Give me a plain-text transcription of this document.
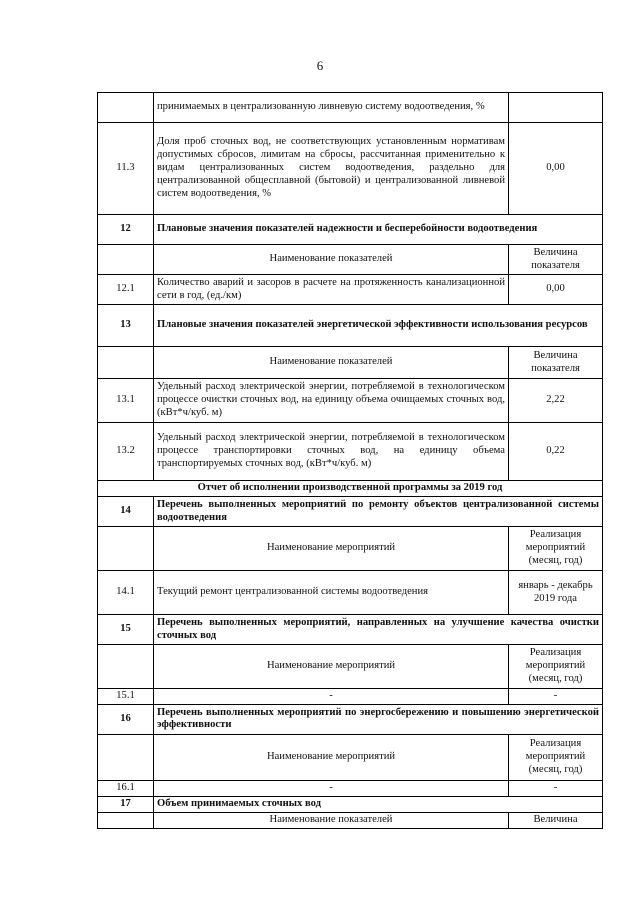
6
	принимаемых в централизованную ливневую систему водоотведения, %	
11.3	Доля проб сточных вод, не соответствующих установленным нормативам допустимых сбросов, лимитам на сбросы, рассчитанная применительно к видам централизованных систем водоотведения, раздельно для централизованной общесплавной (бытовой) и централизованной ливневой систем водоотведения, %	0,00
12	Плановые значения показателей надежности и бесперебойности водоотведения	
	Наименование показателей	Величина показателя
12.1	Количество аварий и засоров в расчете на протяженность канализационной сети в год, (ед./км)	0,00
13	Плановые значения показателей энергетической эффективности использования ресурсов	
	Наименование показателей	Величина показателя
13.1	Удельный расход электрической энергии, потребляемой в технологическом процессе очистки сточных вод, на единицу объема очищаемых сточных вод, (кВт*ч/куб. м)	2,22
13.2	Удельный расход электрической энергии, потребляемой в технологическом процессе транспортировки сточных вод, на единицу объема транспортируемых сточных вод, (кВт*ч/куб. м)	0,22
Отчет об исполнении производственной программы за 2019 год		
14	Перечень выполненных мероприятий по ремонту объектов централизованной системы водоотведения	
	Наименование мероприятий	Реализация мероприятий (месяц, год)
14.1	Текущий ремонт централизованной системы водоотведения	январь - декабрь 2019 года
15	Перечень выполненных мероприятий, направленных на улучшение качества очистки сточных вод	
	Наименование мероприятий	Реализация мероприятий (месяц, год)
15.1	-	-
16	Перечень выполненных мероприятий по энергосбережению и повышению энергетической эффективности	
	Наименование мероприятий	Реализация мероприятий (месяц, год)
16.1	-	-
17	Объем принимаемых сточных вод	
	Наименование показателей	Величина
